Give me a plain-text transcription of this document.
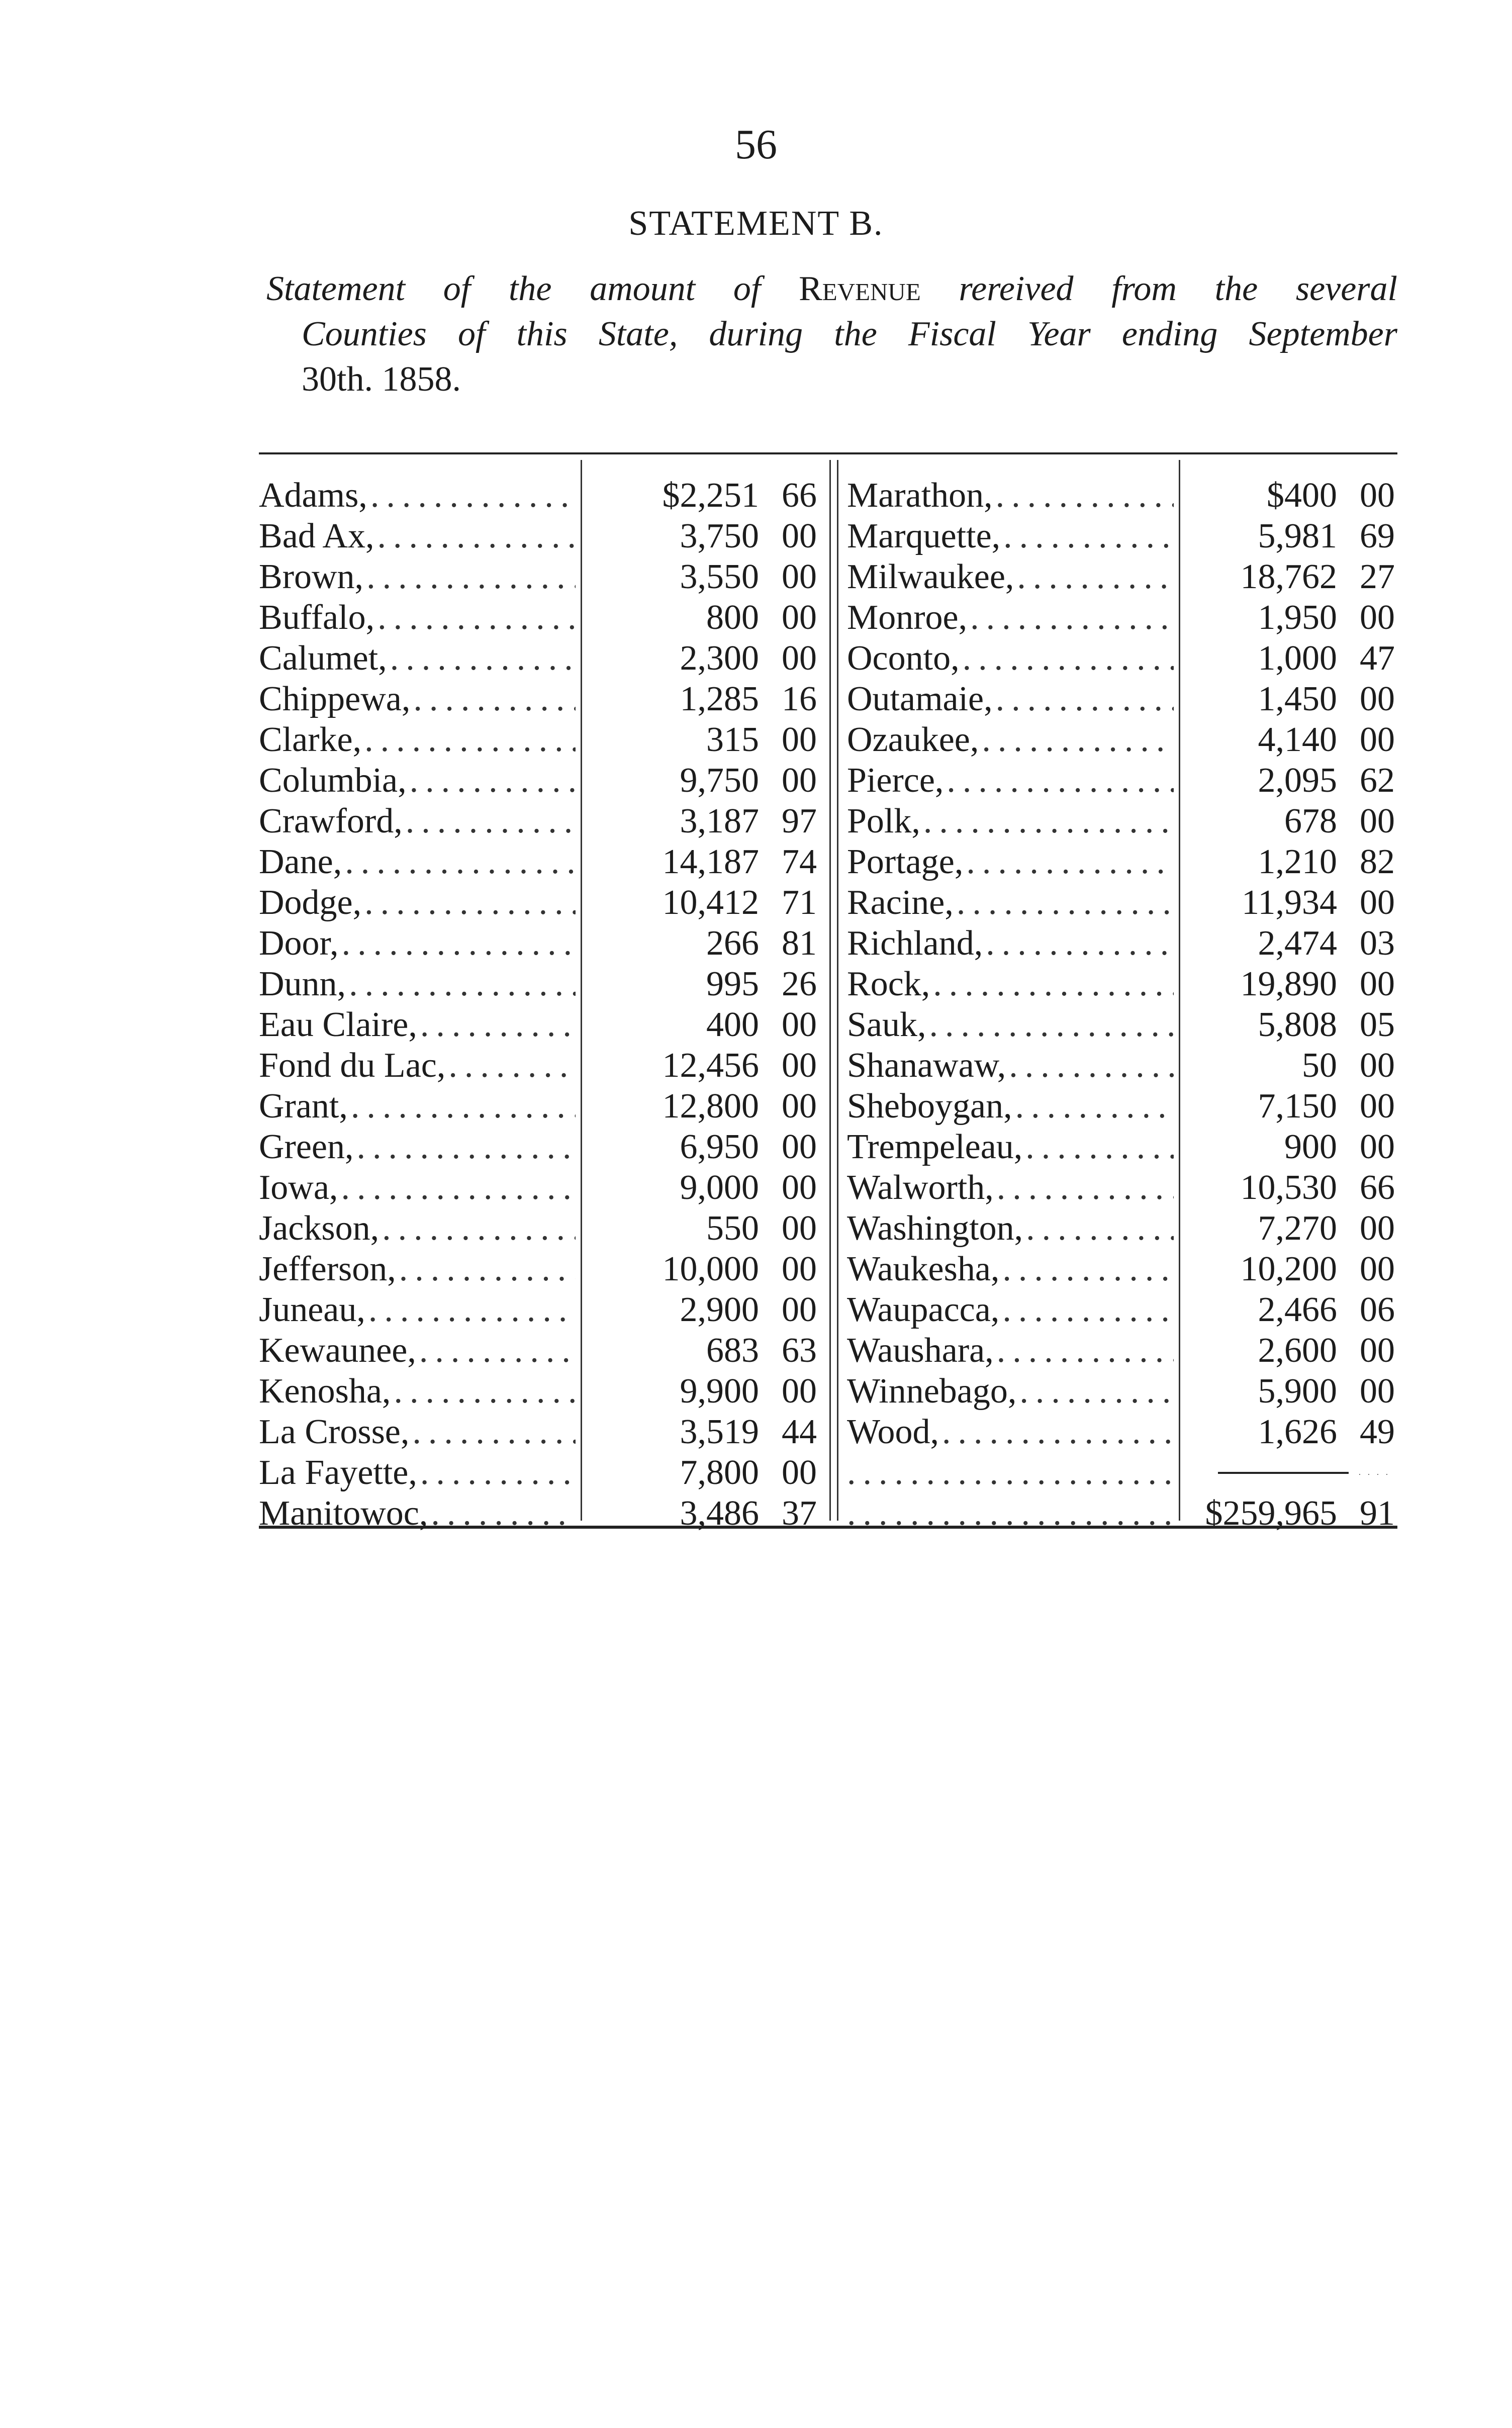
56
STATEMENT B.
Statement of the amount of Revenue rereived from the several
Counties of this State, during the Fiscal Year ending September
30th. 1858.
Adams,
.....
Bad Ax,
.....
Brown,
.....
Buffalo,
.....
Calumet,
.....
Chippewa,
.....
Clarke,
.....
Columbia,
.....
Crawford,
.....
Dane,
.....
Dodge,
.....
Door,
.....
Dunn,
.....
Eau Claire,
.....
Fond du Lac,
.....
Grant,
.....
Green,
.....
Iowa,
.....
Jackson,
.....
Jefferson,
.....
Juneau,
.....
Kewaunee,
.....
Kenosha,
.....
La Crosse,
.....
La Fayette,
.....
Manitowoc,
.....
$2,251 66
3,750 00
3,550 00
800 00
2,300 00
1,285 16
315 00
9,750 00
3,187 97
14,187 74
10,412 71
266 81
995 26
400 00
12,456 00
12,800 00
6,950 00
9,000 00
550 00
10,000 00
2,900 00
683 63
9,900 00
3,519 44
7,800 00
3,486 37
Marathon,
.....
Marquette,
.....
Milwaukee,
.....
Monroe,
.....
Oconto,
.....
Outamaie,
.....
Ozaukee,
.....
Pierce,
.....
Polk,
.....
Portage,
.....
Racine,
.....
Richland,
.....
Rock,
.....
Sauk,
.....
Shanawaw,
.....
Sheboygan,
.....
Trempeleau,
.....
Walworth,
.....
Washington,
.....
Waukesha,
.....
Waupacca,
.....
Waushara,
.....
Winnebago,
.....
Wood,
.....
.....
.....
$400 00
5,981 69
18,762 27
1,950 00
1,000 47
1,450 00
4,140 00
2,095 62
678 00
1,210 82
11,934 00
2,474 03
19,890 00
5,808 05
50 00
7,150 00
900 00
10,530 66
7,270 00
10,200 00
2,466 06
2,600 00
5,900 00
1,626 49
....
$259,965 91
